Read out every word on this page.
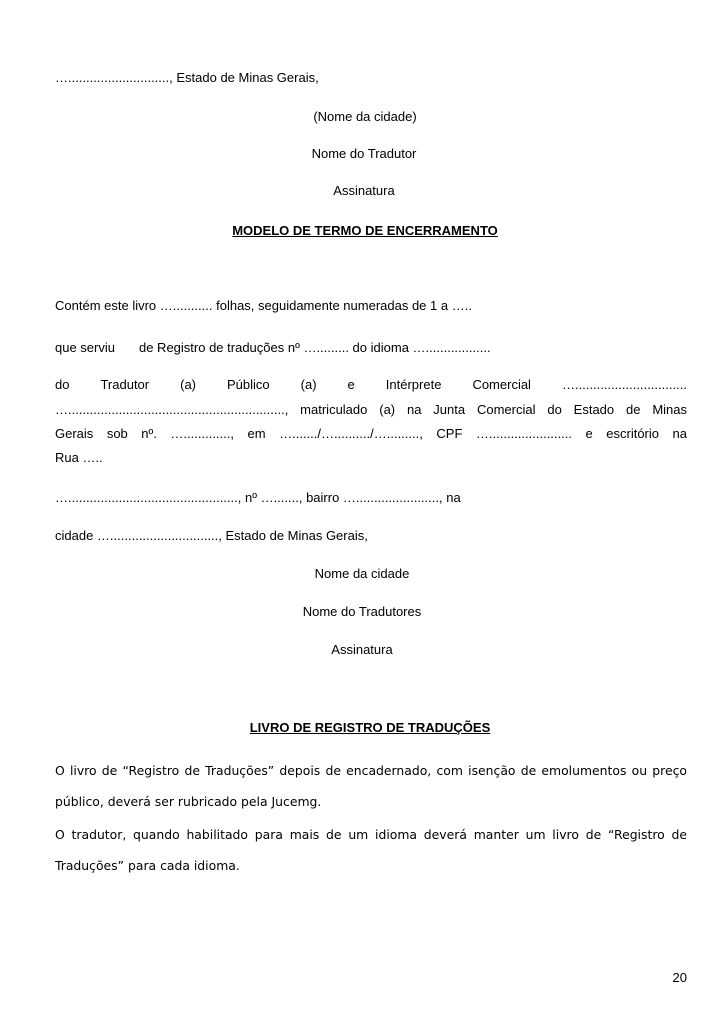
…............................, Estado de Minas Gerais,
(Nome da cidade)
Nome do Tradutor
Assinatura
MODELO DE TERMO DE ENCERRAMENTO
Contém este livro …........... folhas, seguidamente numeradas de 1 a …..
que serviu de Registro de traduções nº …......... do idioma …..................
do Tradutor (a) Público (a) e Intérprete Comercial …...............................
…............................................................, matriculado (a) na Junta Comercial do Estado de Minas
Gerais sob nº. …............., em …......./…........../…........., CPF …....................... e escritório na
Rua …..
…..............................................., nº …......., bairro …......................., na
cidade ….............................., Estado de Minas Gerais,
Nome da cidade
Nome do Tradutores
Assinatura
LIVRO DE REGISTRO DE TRADUÇÕES
O livro de “Registro de Traduções” depois de encadernado, com isenção de emolumentos ou preço público, deverá ser rubricado pela Jucemg.
O tradutor, quando habilitado para mais de um idioma deverá manter um livro de “Registro de Traduções” para cada idioma.
20
